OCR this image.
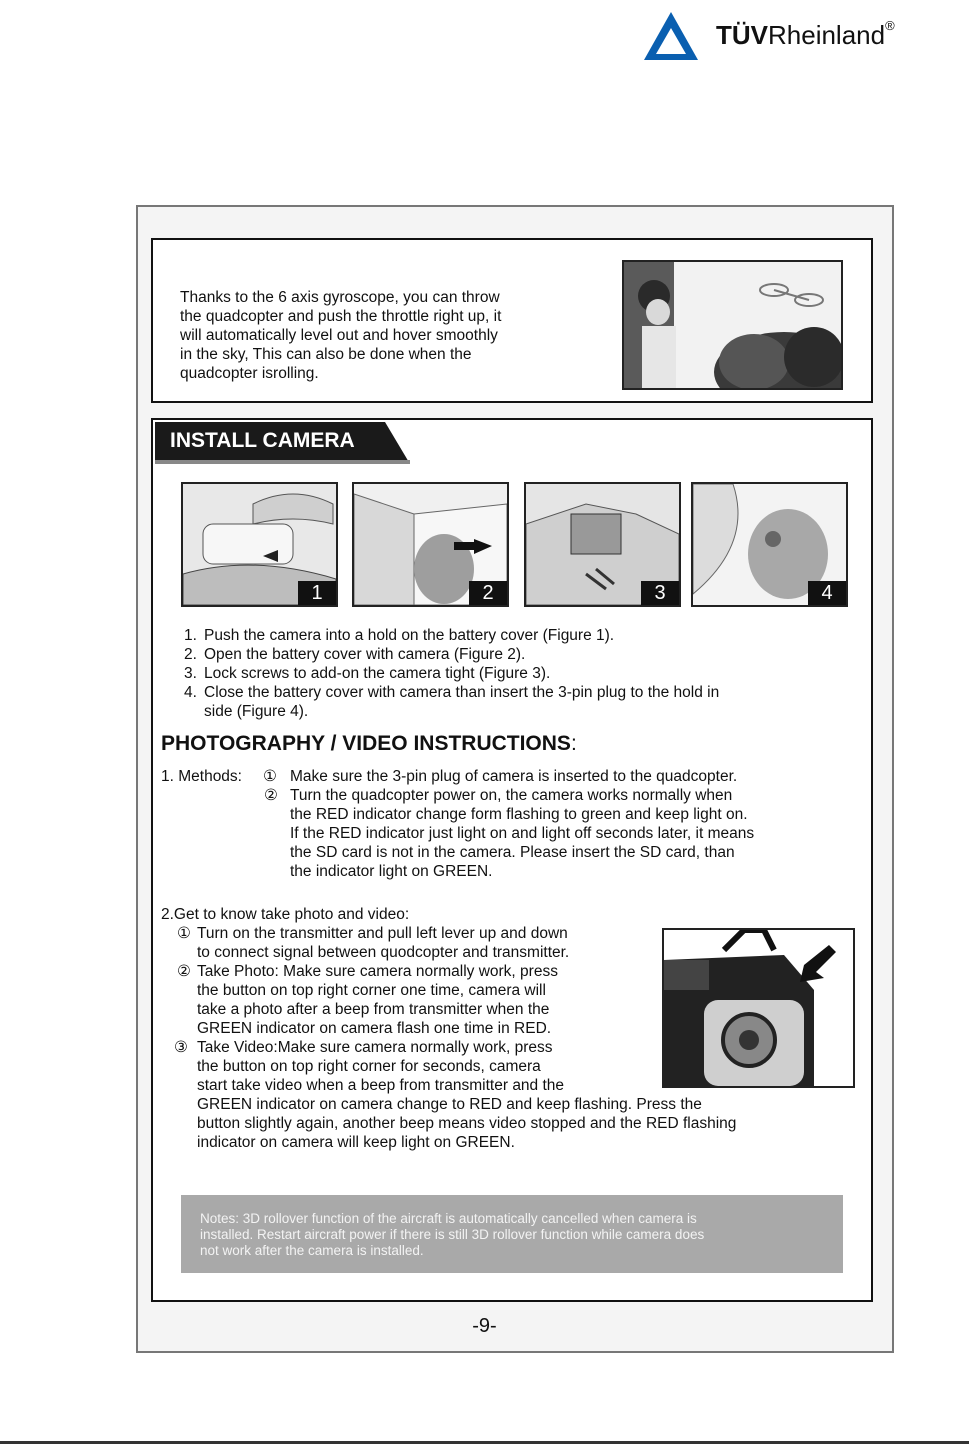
TÜVRheinland®
Thanks to the 6 axis gyroscope, you can throw
the quadcopter and push the throttle right up, it
will automatically level out and hover smoothly
in the sky, This can also be done when the
quadcopter isrolling.
INSTALL CAMERA
1	2	3	4
1. Push the camera into a hold on the battery cover (Figure 1).
2. Open the battery cover with camera (Figure 2).
3. Lock screws to add-on the camera tight (Figure 3).
4. Close the battery cover with camera than insert the 3-pin plug to the hold in
side (Figure 4).
PHOTOGRAPHY / VIDEO INSTRUCTIONS:
1. Methods: ① Make sure the 3-pin plug of camera is inserted to the quadcopter.
② Turn the quadcopter power on, the camera works normally when
the RED indicator change form flashing to green and keep light on.
If the RED indicator just light on and light off seconds later, it means
the SD card is not in the camera. Please insert the SD card, than
the indicator light on GREEN.
2.Get to know take photo and video:
① Turn on the transmitter and pull left lever up and down
to connect signal between quodcopter and transmitter.
② Take Photo: Make sure camera normally work, press
the button on top right corner one time, camera will
take a photo after a beep from transmitter when the
GREEN indicator on camera flash one time in RED.
③ Take Video:Make sure camera normally work, press
the button on top right corner for seconds, camera
start take video when a beep from transmitter and the
GREEN indicator on camera change to RED and keep flashing. Press the
button slightly again, another beep means video stopped and the RED flashing
indicator on camera will keep light on GREEN.
Notes: 3D rollover function of the aircraft is automatically cancelled when camera is
installed. Restart aircraft power if there is still 3D rollover function while camera does
not work after the camera is installed.
-9-
